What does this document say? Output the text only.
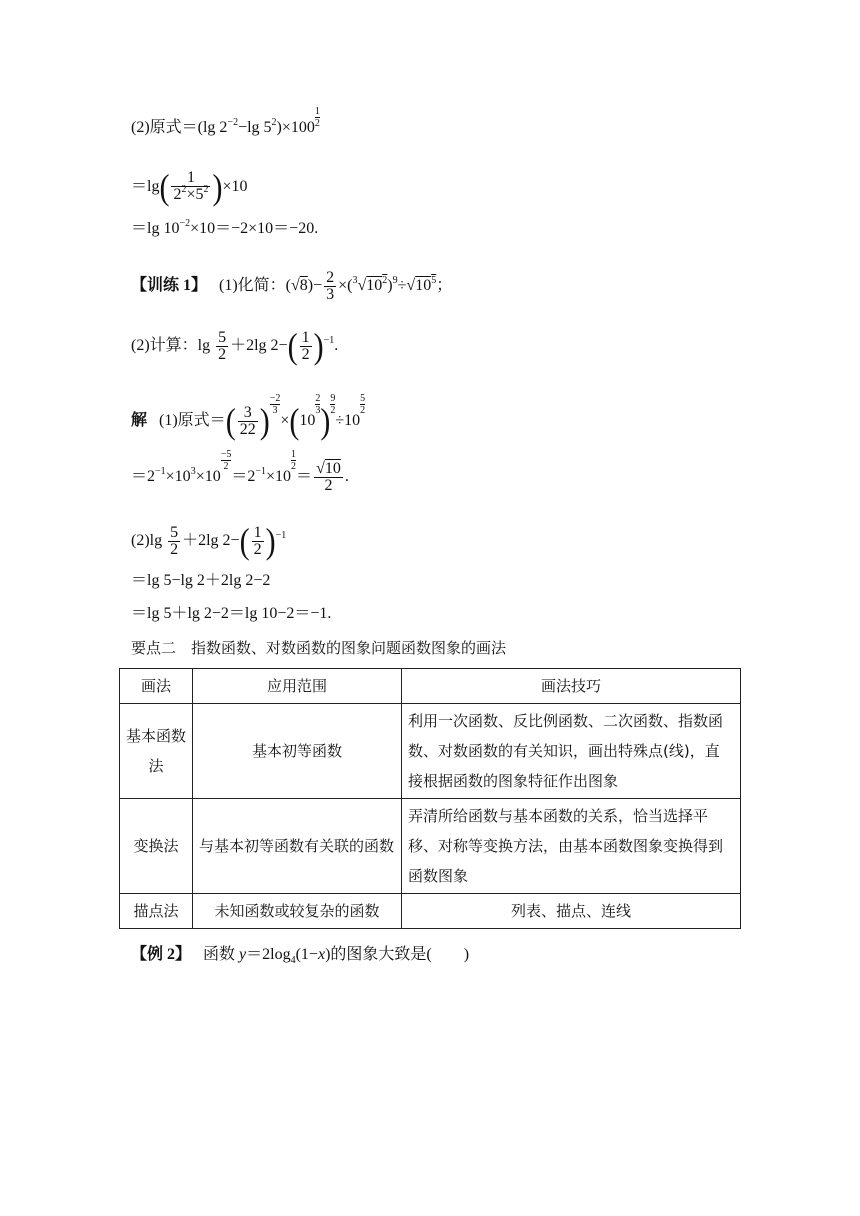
(2)原式＝(lg $2^{-2}-\lg$ $5^2)\times 100 \frac{1}{2}$
$=\lg( \frac{1}{2^2\times 5^2} )\times 10$
＝lg $10^{-2}\times 10=-2\times 10=-20$.
【训练 1】 (1)化简：$(√8)- \frac{2}{3} \times(^3√10^2)^9\div√10^5$；
(2)计算：$\lg \frac{5}{2} +2\lg$ $2-( \frac{1}{2} )^{-1}$.
解 (1)原式＝( $\frac{3}{22}$ ) $\frac{-2}{3}\times(10$
$\frac{2}{3}) \frac{9}{2}\div 10$
$\frac{5}{2}$
$=2^{-1}\times 10^3\times 10$
$\frac{-5}{2}=2^{-1}\times 10$
$\frac{1}{2}= \frac{√10}{2}$ .
$(2)\lg \frac{5}{2} +2\lg$ $2-( \frac{1}{2} )^{-1}$
＝lg 5−lg 2＋2lg 2−2
＝lg 5＋lg 2−2＝lg 10−2＝−1.
要点二　指数函数、对数函数的图象问题函数图象的画法
画法	应用范围	画法技巧
基本函数法	基本初等函数	利用一次函数、反比例函数、二次函数、指数函数、对数函数的有关知识，画出特殊点(线)，直接根据函数的图象特征作出图象
变换法	与基本初等函数有关联的函数	弄清所给函数与基本函数的关系，恰当选择平移、对称等变换方法，由基本函数图象变换得到函数图象
描点法	未知函数或较复杂的函数	列表、描点、连线
【例 2】 函数 $y=2\log_4(1-x)$的图象大致是(　　)
